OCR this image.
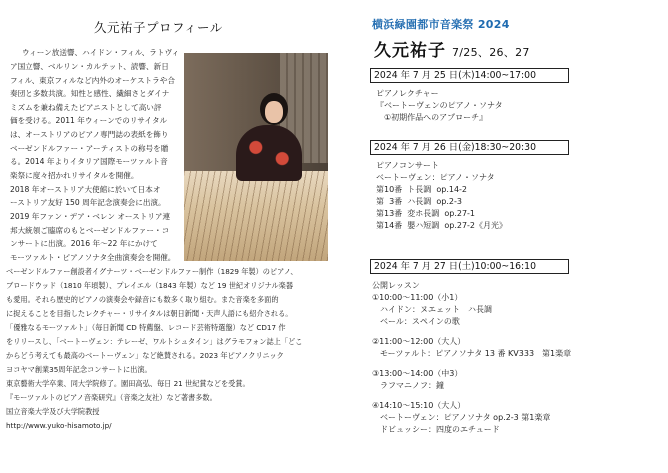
久元祐子プロフィール
ウィーン放送響、ハイドン・フィル、ラトヴィ
ア国立響、ベルリン・カルテット、読響、新日
フィル、東京フィルなど内外のオーケストラや合
奏団と多数共演。知性と感性、繊細さとダイナ
ミズムを兼ね備えたピアニストとして高い評
価を受ける。2011 年ウィーンでのリサイタル
は、オーストリアのピアノ専門誌の表紙を飾り
ベーゼンドルファー・アーティストの称号を贈
る。2014 年よりイタリア国際モーツァルト音
楽祭に度々招かれリサイタルを開催。
2018 年オーストリア大使館に於いて日本オ
ーストリア友好 150 周年記念演奏会に出演。
2019 年ファン・デア・ベレン オーストリア連
邦大統領ご臨席のもとベーゼンドルファー・コ
ンサートに出演。2016 年～22 年にかけて
モーツァルト・ピアノソナタ全曲演奏会を開催。
ベーゼンドルファー創設者イグナーツ・ベーゼンドルファー制作（1829 年製）のピアノ、
ブロードウッド（1810 年頃製）、プレイエル（1843 年製）など 19 世紀オリジナル楽器
も愛用。それら歴史的ピアノの演奏会や録音にも数多く取り組む。また音楽を多面的
に捉えることを目指したレクチャー・リサイタルは朝日新聞・天声人語にも紹介される。
「優雅なるモーツァルト」（毎日新聞 CD 特薦盤、レコード芸術特選盤）など CD17 作
をリリースし、「ベートーヴェン：テレーゼ、ワルトシュタイン」はグラモフォン誌上「どこ
からどう考えても最高のベートーヴェン」など絶賛される。2023 年ピアノクリニック
ヨコヤマ創業35周年記念コンサートに出演。
東京藝術大学卒業、同大学院修了。園田高弘、毎日 21 世紀賞などを受賞。
『モーツァルトのピアノ音楽研究』（音楽之友社）など著書多数。
国立音楽大学及び大学院教授
http://www.yuko-hisamoto.jp/
横浜緑園都市音楽祭 2024
久元祐子 7/25、26、27
2024 年 7 月 25 日(木)14:00~17:00
ピアノレクチャー
『ベートーヴェンのピアノ・ソナタ
　①初期作品へのアプローチ』
2024 年 7 月 26 日(金)18:30~20:30
ピアノコンサート
ベートーヴェン：ピアノ・ソナタ
第10番  ト長調  op.14-2
第  3番  ハ長調  op.2-3
第13番  変ホ長調  op.27-1
第14番  嬰ハ短調  op.27-2《月光》
2024 年 7 月 27 日(土)10:00~16:10
公開レッスン
①10:00～11:00（小1）
　ハイドン：ヌエェット　ハ長調
　ベール：スペインの歌
②11:00～12:00（大人）
　モーツァルト：ピアノソナタ 13 番 KV333　第1楽章
③13:00～14:00（中3）
　ラフマニノフ：鐘
④14:10～15:10（大人）
　ベートーヴェン：ピアノソナタ op.2-3 第1楽章
　ドビュッシー：四度のエチュード
